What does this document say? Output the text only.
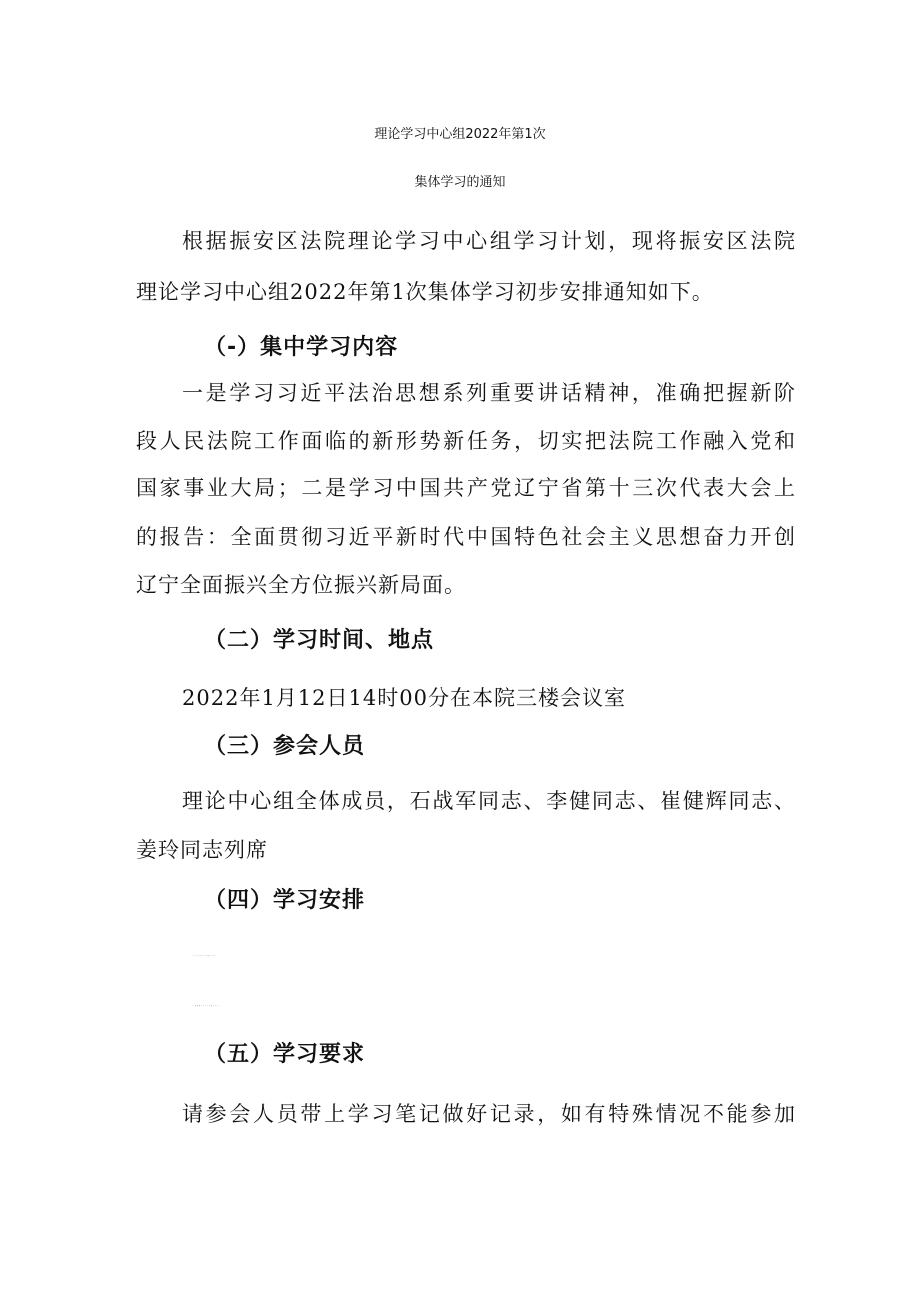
理论学习中心组2022年第1次
集体学习的通知
根据振安区法院理论学习中心组学习计划，现将振安区法院
理论学习中心组2022年第1次集体学习初步安排通知如下。
（-）集中学习内容
一是学习习近平法治思想系列重要讲话精神，准确把握新阶
段人民法院工作面临的新形势新任务，切实把法院工作融入党和
国家事业大局；二是学习中国共产党辽宁省第十三次代表大会上
的报告：全面贯彻习近平新时代中国特色社会主义思想奋力开创
辽宁全面振兴全方位振兴新局面。
（二）学习时间、地点
2022年1月12日14时00分在本院三楼会议室
（三）参会人员
理论中心组全体成员，石战军同志、李健同志、崔健辉同志、
姜玲同志列席
（四）学习安排
L学习会议由宁伟院长主持；
2.按照集中学习内容进行学习；
（五）学习要求
请参会人员带上学习笔记做好记录，如有特殊情况不能参加
